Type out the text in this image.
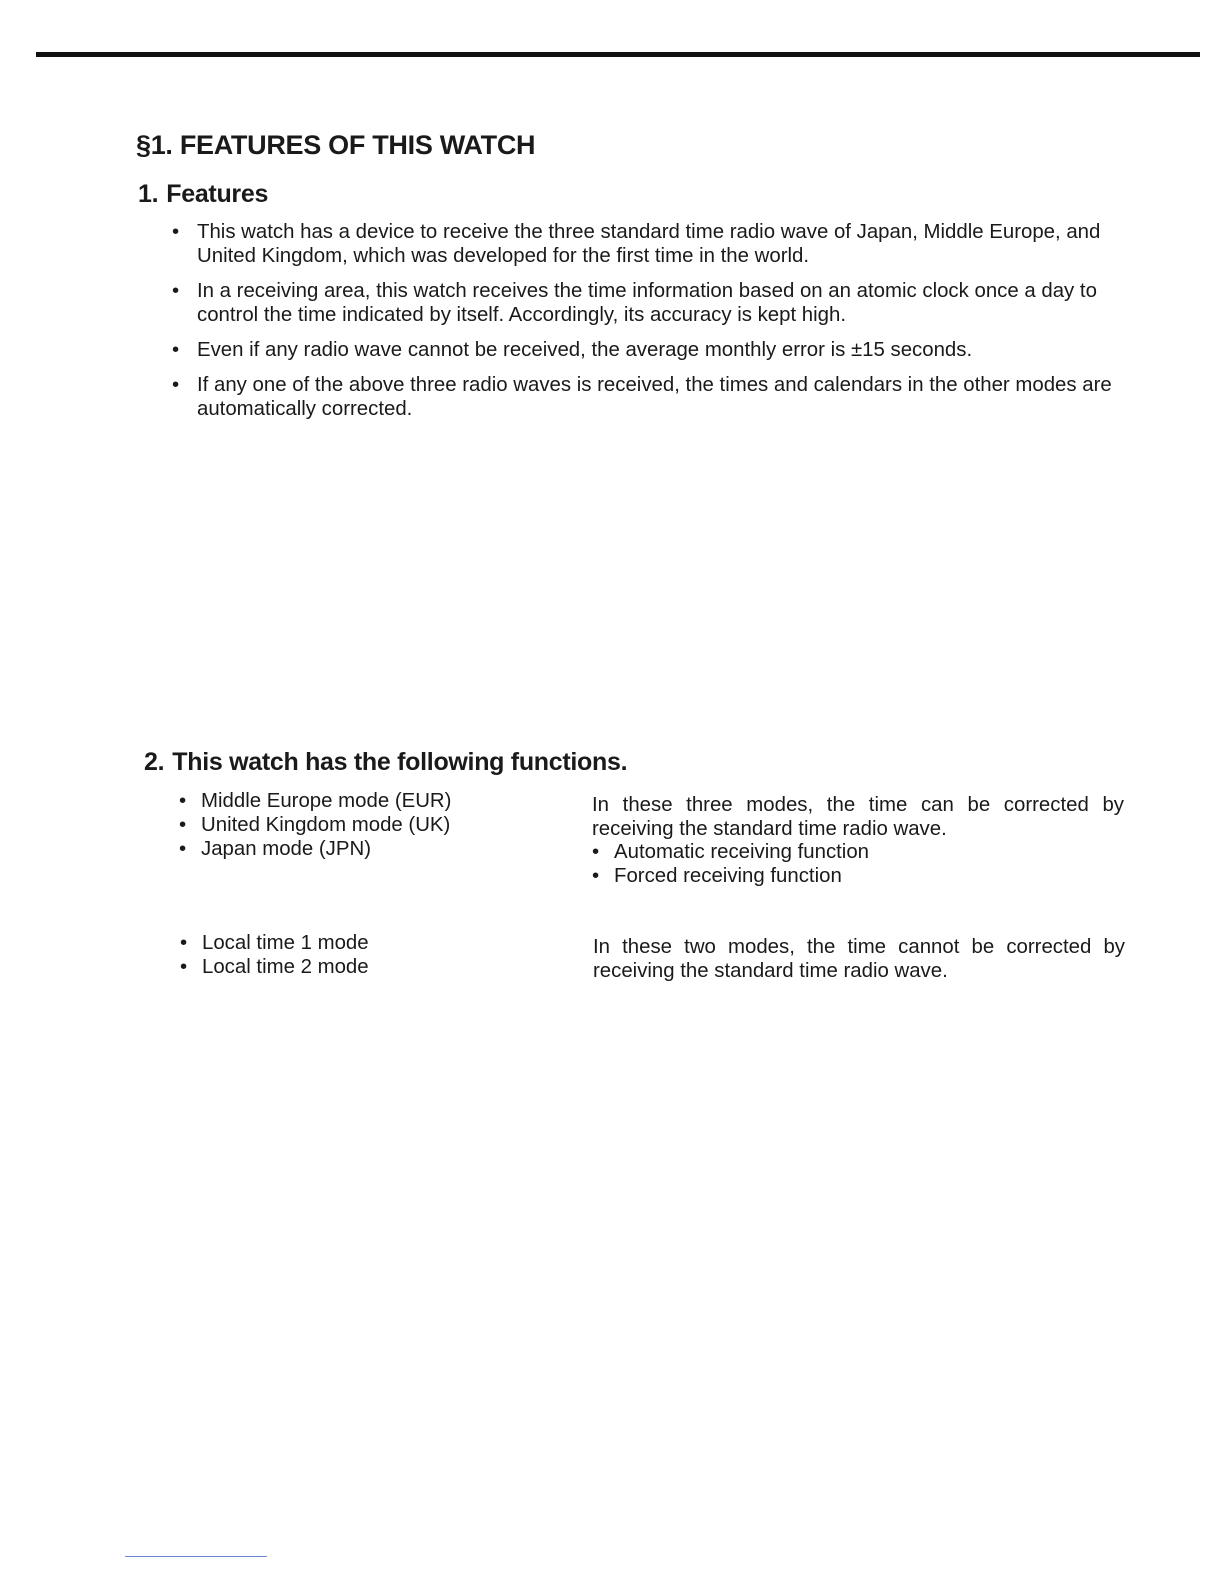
§1. FEATURES OF THIS WATCH
1. Features
• This watch has a device to receive the three standard time radio wave of Japan, Middle Europe, and United Kingdom, which was developed for the first time in the world.
• In a receiving area, this watch receives the time information based on an atomic clock once a day to control the time indicated by itself. Accordingly, its accuracy is kept high.
• Even if any radio wave cannot be received, the average monthly error is ±15 seconds.
• If any one of the above three radio waves is received, the times and calendars in the other modes are automatically corrected.
2. This watch has the following functions.
• Middle Europe mode (EUR)
• United Kingdom mode (UK)
• Japan mode (JPN)
In these three modes, the time can be corrected by receiving the standard time radio wave.
• Automatic receiving function
• Forced receiving function
• Local time 1 mode
• Local time 2 mode
In these two modes, the time cannot be corrected by receiving the standard time radio wave.
